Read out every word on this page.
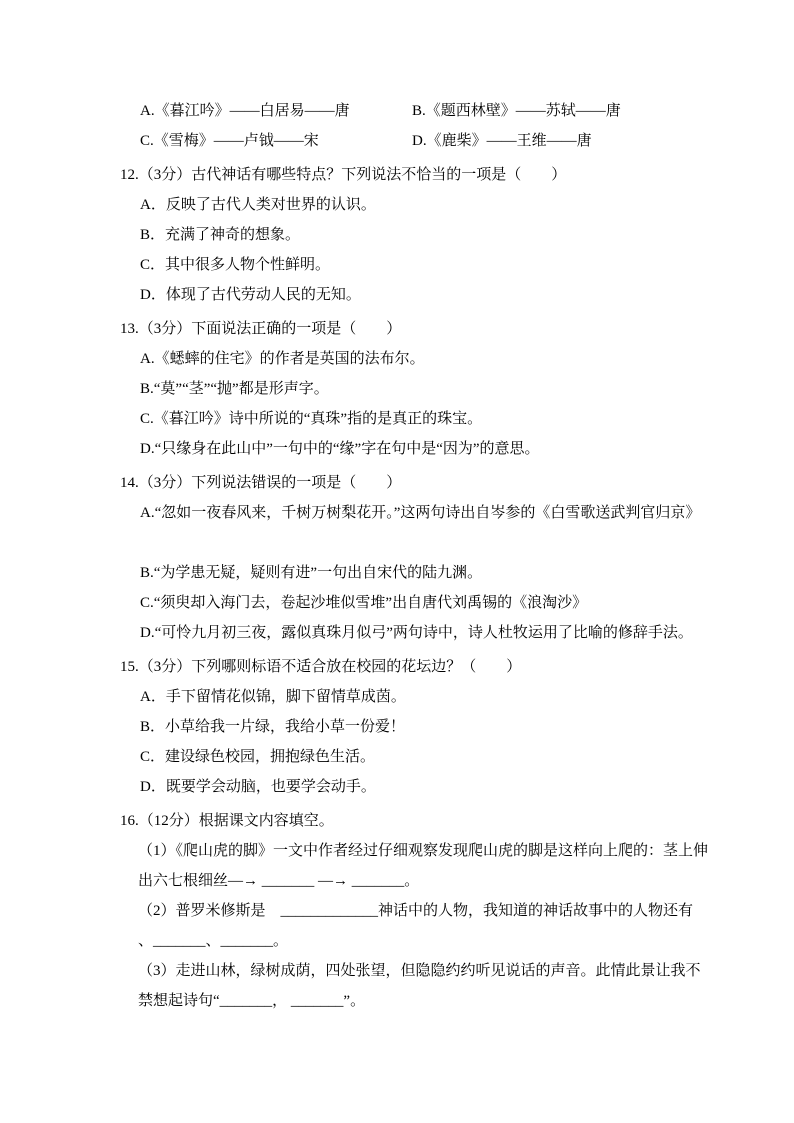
A.《暮江吟》——白居易——唐	B.《题西林壁》——苏轼——唐
C.《雪梅》——卢钺——宋	D.《鹿柴》——王维——唐
12.（3分）古代神话有哪些特点？下列说法不恰当的一项是（　　）
A．反映了古代人类对世界的认识。
B．充满了神奇的想象。
C．其中很多人物个性鲜明。
D．体现了古代劳动人民的无知。
13.（3分）下面说法正确的一项是（　　）
A.《蟋蟀的住宅》的作者是英国的法布尔。
B.“莫”“茎”“抛”都是形声字。
C.《暮江吟》诗中所说的“真珠”指的是真正的珠宝。
D.“只缘身在此山中”一句中的“缘”字在句中是“因为”的意思。
14.（3分）下列说法错误的一项是（　　）
A.“忽如一夜春风来，千树万树梨花开。”这两句诗出自岑参的《白雪歌送武判官归京》
B.“为学患无疑，疑则有进”一句出自宋代的陆九渊。
C.“须臾却入海门去，卷起沙堆似雪堆”出自唐代刘禹锡的《浪淘沙》
D.“可怜九月初三夜，露似真珠月似弓”两句诗中，诗人杜牧运用了比喻的修辞手法。
15.（3分）下列哪则标语不适合放在校园的花坛边？（　　）
A．手下留情花似锦，脚下留情草成茵。
B．小草给我一片绿，我给小草一份爱！
C．建设绿色校园，拥抱绿色生活。
D．既要学会动脑，也要学会动手。
16.（12分）根据课文内容填空。
（1）《爬山虎的脚》一文中作者经过仔细观察发现爬山虎的脚是这样向上爬的：茎上伸
出六七根细丝—→ _______ —→ _______。
（2）普罗米修斯是　_____________神话中的人物，我知道的神话故事中的人物还有
、_______、_______。
（3）走进山林，绿树成荫，四处张望，但隐隐约约听见说话的声音。此情此景让我不
禁想起诗句“_______， _______”。
